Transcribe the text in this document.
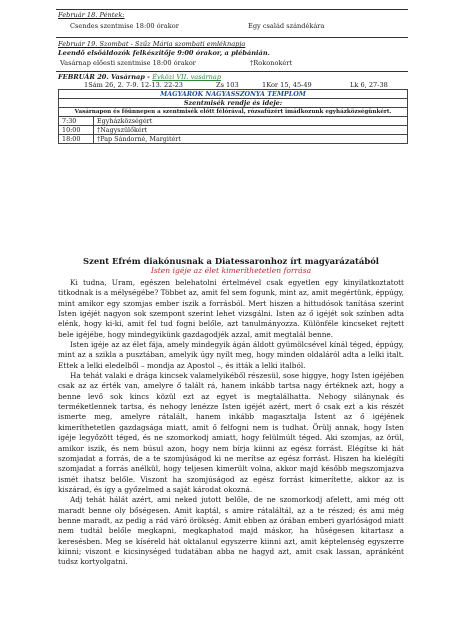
Február 18. Péntek:
Csendes szentmise 18:00 órakor	Egy család szándékára
Február 19. Szombat - Szűz Mária szombati emléknapja
Leendő elsőáldozók felkészítője 9:00 órakor, a plébánián.
Vasárnap előesti szentmise 18:00 órakor	†Rokonokért
FEBRUÁR 20. Vasárnap - Évközi VII. vasárnap
1Sám 26, 2. 7-9. 12-13. 22-23	Zs 103	1Kor 15, 45-49	Lk 6, 27-38
MAGYAROK NAGYASSZONYA TEMPLOM	
Szentmisék rendje és ideje:	
Vasárnapon és főünnepen a szentmisék előtt félórával, rózsafüzért imádkozunk egyházközségünkért.	
7:30	Egyházközségért
10:00	†Nagyszülőkért
18:00	†Pap Sándorné, Margitért
Szent Efrém diakónusnak a Diatessaronhoz írt magyarázatából
Isten igéje az élet kimeríthetetlen forrása

Ki tudna, Uram, egészen belehatolni értelmével csak egyetlen egy kinyilatkoztatott titkodnak is a mélységébe? Többet az, amit fel sem fogunk, mint az, amit megértünk, éppúgy, mint amikor egy szomjas ember iszik a forrásból. Mert hiszen a hittudósok tanítása szerint Isten igéjét nagyon sok szempont szerint lehet vizsgálni. Isten az ő igéjét sok színben adta elénk, hogy ki-ki, amit fel tud fogni belőle, azt tanulmányozza. Különféle kincseket rejtett bele igéjébe, hogy mindegyikünk gazdagodjék azzal, amit megtalál benne.

Isten igéje az az élet fája, amely mindegyik ágán áldott gyümölcsével kínál téged, éppúgy, mint az a szikla a pusztában, amelyik úgy nyílt meg, hogy minden oldaláról adta a lelki italt. Ettek a lelki eledelből – mondja az Apostol –, és itták a lelki italból.

Ha tehát valaki e drága kincsek valamelyikéből részesül, sose higgye, hogy Isten igéjében csak az az érték van, amelyre ő talált rá, hanem inkább tartsa nagy értéknek azt, hogy a benne levő sok kincs közül ezt az egyet is megtalálhatta. Nehogy silánynak és terméketlennek tartsa, és nehogy lenézze Isten igéjét azért, mert ő csak ezt a kis részét ismerte meg, amelyre rátalált, hanem inkább magasztalja Istent az ő igéjének kimeríthetetlen gazdagsága miatt, amit ő felfogni nem is tudhat. Örülj annak, hogy Isten igéje legyőzött téged, és ne szomorkodj amiatt, hogy felülmúlt téged. Aki szomjas, az örül, amikor iszik, és nem búsul azon, hogy nem bírja kiinni az egész forrást. Elégítse ki hát szomjadat a forrás, de a te szomjúságod ki ne merítse az egész forrást. Hiszen ha kielégíti szomjadat a forrás anélkül, hogy teljesen kimerült volna, akkor majd később megszomjazva ismét ihatsz belőle. Viszont ha szomjúságod az egész forrást kimerítette, akkor az is kiszárad, és így a győzelmed a saját károdat okozná.

Adj tehát hálát azért, ami neked jutott belőle, de ne szomorkodj afelett, ami még ott maradt benne oly bőségesen. Amit kaptál, s amire rátaláltál, az a te részed; és ami még benne maradt, az pedig a rád váró örökség. Amit ebben az órában emberi gyarlóságod miatt nem tudtál belőle megkapni, megkaphatod majd máskor, ha hűségesen kitartasz a keresésben. Meg se kíséreld hát oktalanul egyszerre kiinni azt, amit képtelenség egyszerre kiinni; viszont e kicsinységed tudatában abba ne hagyd azt, amit csak lassan, apránként tudsz kortyolgatni.
